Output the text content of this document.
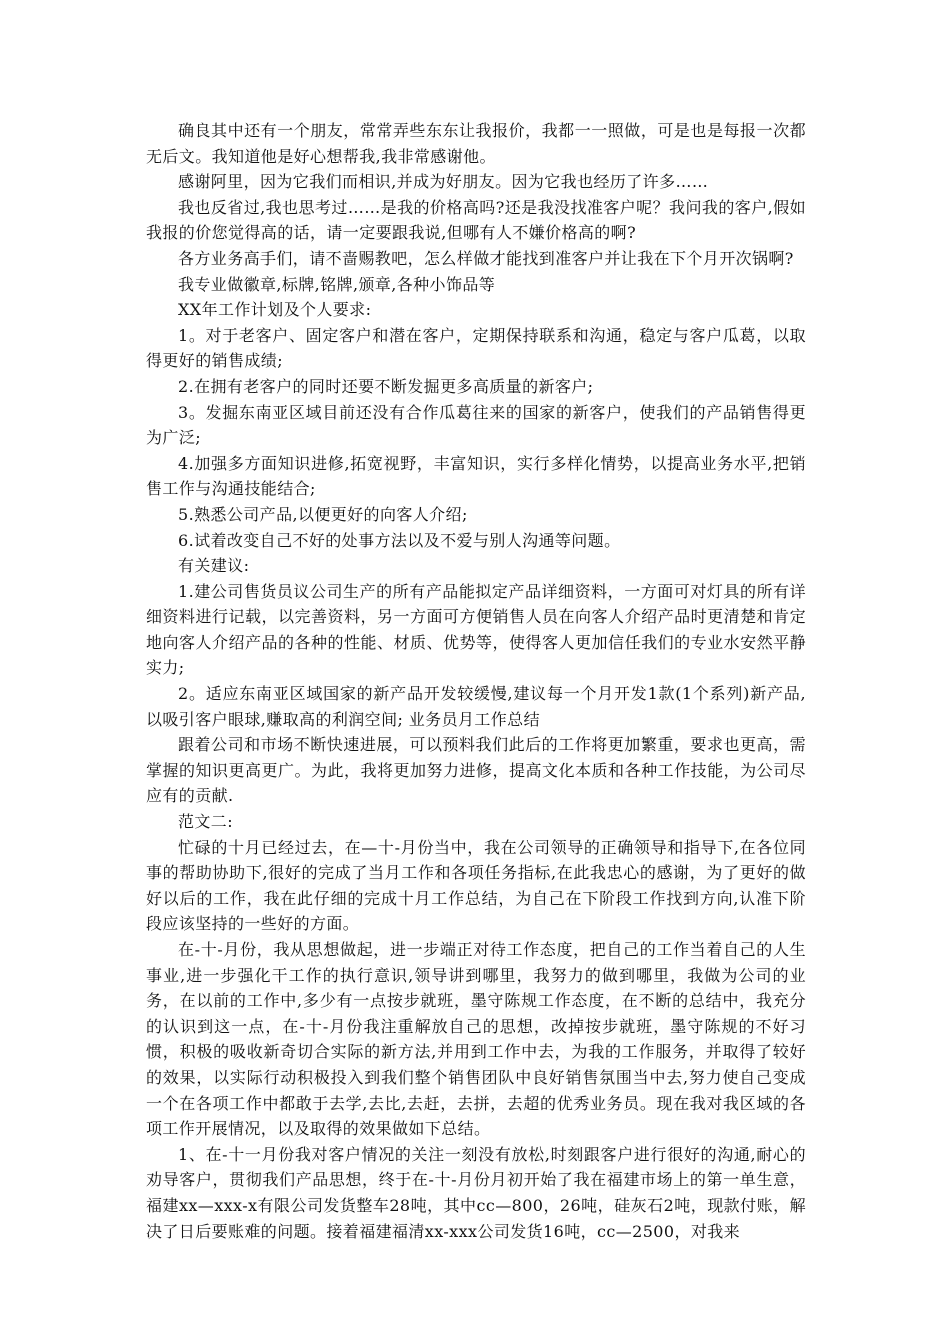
确良其中还有一个朋友，常常弄些东东让我报价，我都一一照做，可是也是每报一次都无后文。我知道他是好心想帮我,我非常感谢他。

感谢阿里，因为它我们而相识,并成为好朋友。因为它我也经历了许多……

我也反省过,我也思考过……是我的价格高吗?还是我没找准客户呢？我问我的客户,假如我报的价您觉得高的话，请一定要跟我说,但哪有人不嫌价格高的啊?

各方业务高手们，请不啬赐教吧，怎么样做才能找到准客户并让我在下个月开次锅啊?

我专业做徽章,标牌,铭牌,颁章,各种小饰品等

XX年工作计划及个人要求:

1。对于老客户、固定客户和潜在客户，定期保持联系和沟通，稳定与客户瓜葛，以取得更好的销售成绩;

2.在拥有老客户的同时还要不断发掘更多高质量的新客户;

3。发掘东南亚区域目前还没有合作瓜葛往来的国家的新客户，使我们的产品销售得更为广泛;

4.加强多方面知识进修,拓宽视野，丰富知识，实行多样化情势，以提高业务水平,把销售工作与沟通技能结合;

5.熟悉公司产品,以便更好的向客人介绍;

6.试着改变自己不好的处事方法以及不爱与别人沟通等问题。

有关建议:

1.建公司售货员议公司生产的所有产品能拟定产品详细资料，一方面可对灯具的所有详细资料进行记载，以完善资料，另一方面可方便销售人员在向客人介绍产品时更清楚和肯定地向客人介绍产品的各种的性能、材质、优势等，使得客人更加信任我们的专业水安然平静实力;

2。适应东南亚区域国家的新产品开发较缓慢,建议每一个月开发1款(1个系列)新产品,以吸引客户眼球,赚取高的利润空间; 业务员月工作总结

跟着公司和市场不断快速进展，可以预料我们此后的工作将更加繁重，要求也更高，需掌握的知识更高更广。为此，我将更加努力进修，提高文化本质和各种工作技能，为公司尽应有的贡献.

范文二:

忙碌的十月已经过去，在—十-月份当中，我在公司领导的正确领导和指导下,在各位同事的帮助协助下,很好的完成了当月工作和各项任务指标,在此我忠心的感谢，为了更好的做好以后的工作，我在此仔细的完成十月工作总结，为自己在下阶段工作找到方向,认准下阶段应该坚持的一些好的方面。

在-十-月份，我从思想做起，进一步端正对待工作态度，把自己的工作当着自己的人生事业,进一步强化干工作的执行意识,领导讲到哪里，我努力的做到哪里，我做为公司的业务，在以前的工作中,多少有一点按步就班，墨守陈规工作态度，在不断的总结中，我充分的认识到这一点，在-十-月份我注重解放自己的思想，改掉按步就班，墨守陈规的不好习惯，积极的吸收新奇切合实际的新方法,并用到工作中去，为我的工作服务，并取得了较好的效果，以实际行动积极投入到我们整个销售团队中良好销售氛围当中去,努力使自己变成一个在各项工作中都敢于去学,去比,去赶，去拼，去超的优秀业务员。现在我对我区域的各项工作开展情况，以及取得的效果做如下总结。

1、在-十一月份我对客户情况的关注一刻没有放松,时刻跟客户进行很好的沟通,耐心的劝导客户，贯彻我们产品思想，终于在-十-月份月初开始了我在福建市场上的第一单生意，福建xx—xxx-x有限公司发货整车28吨，其中cc—800，26吨，硅灰石2吨，现款付账，解决了日后要账难的问题。接着福建福清xx-xxx公司发货16吨，cc—2500，对我来
